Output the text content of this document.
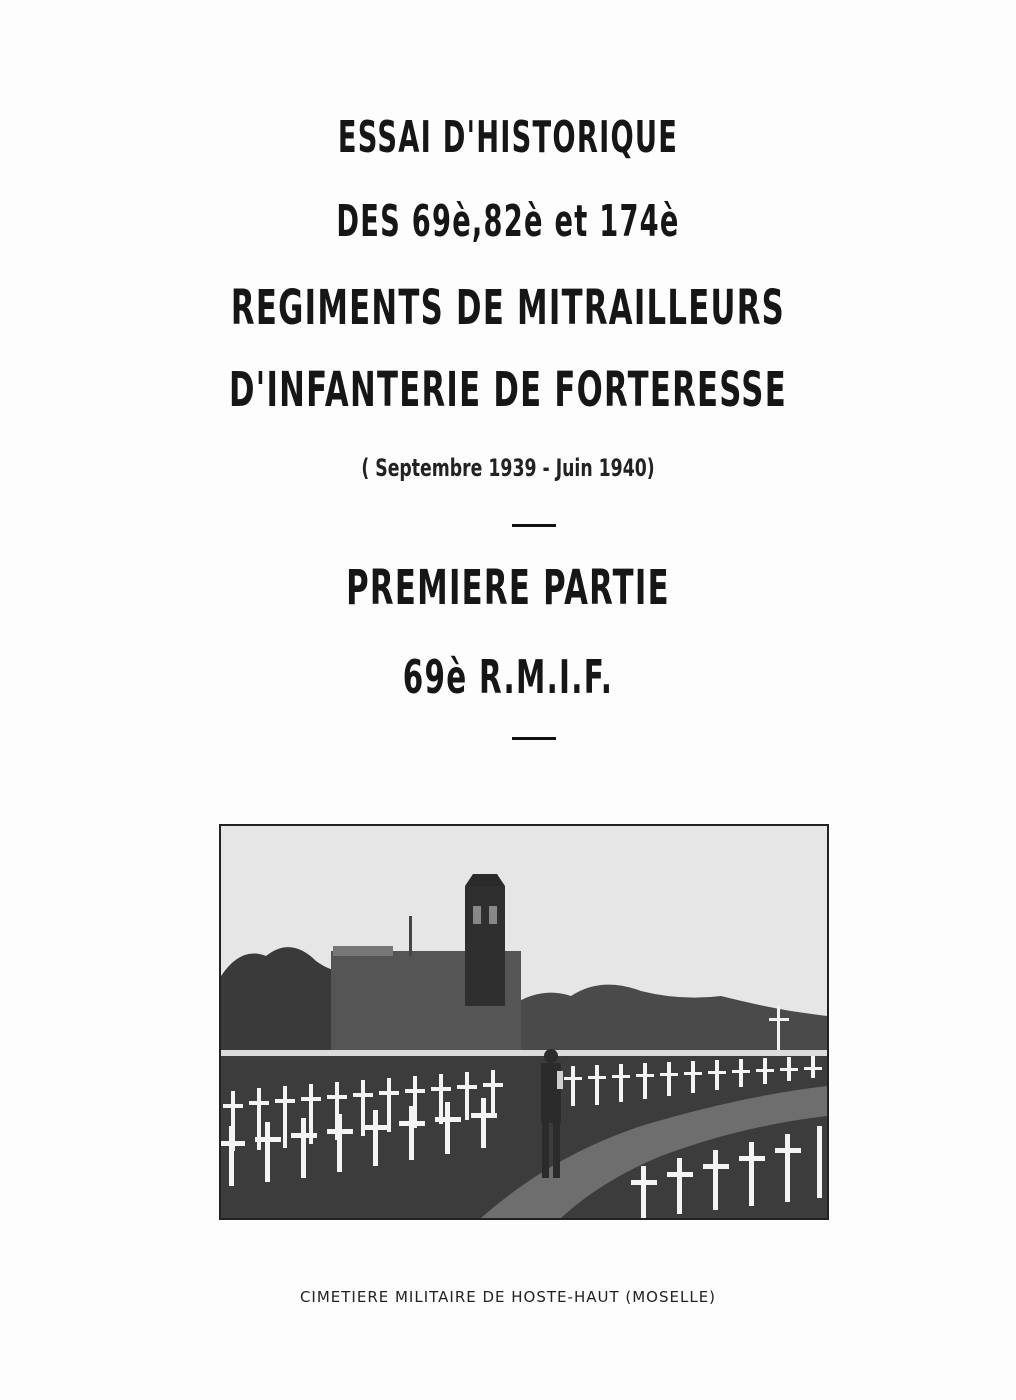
ESSAI D'HISTORIQUE
DES 69è,82è et 174è
REGIMENTS DE MITRAILLEURS
D'INFANTERIE DE FORTERESSE
( Septembre 1939 - Juin 1940)
PREMIERE PARTIE
69è R.M.I.F.
CIMETIERE MILITAIRE DE HOSTE-HAUT (MOSELLE)
